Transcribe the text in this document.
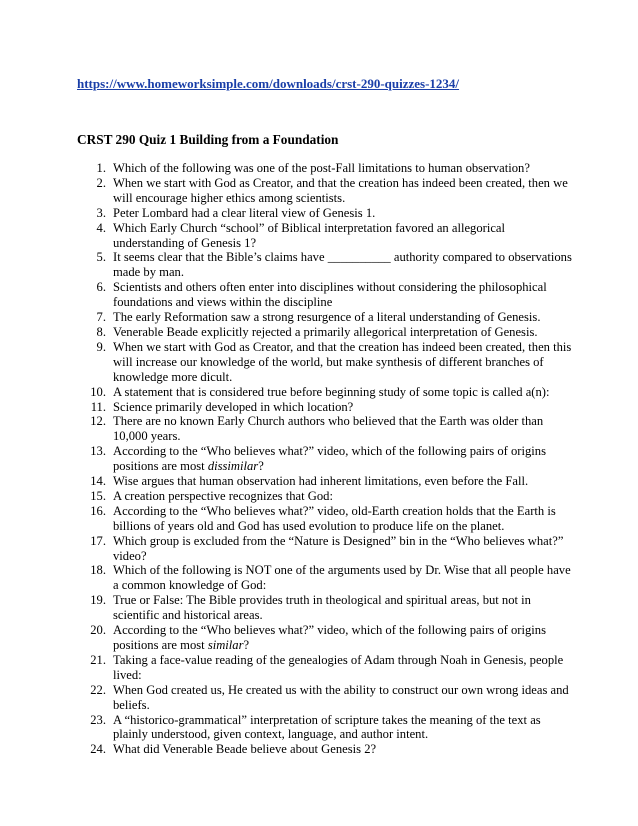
https://www.homeworksimple.com/downloads/crst-290-quizzes-1234/
CRST 290 Quiz 1 Building from a Foundation
1. Which of the following was one of the post-Fall limitations to human observation?
2. When we start with God as Creator, and that the creation has indeed been created, then we will encourage higher ethics among scientists.
3. Peter Lombard had a clear literal view of Genesis 1.
4. Which Early Church “school” of Biblical interpretation favored an allegorical understanding of Genesis 1?
5. It seems clear that the Bible’s claims have __________ authority compared to observations made by man.
6. Scientists and others often enter into disciplines without considering the philosophical foundations and views within the discipline
7. The early Reformation saw a strong resurgence of a literal understanding of Genesis.
8. Venerable Beade explicitly rejected a primarily allegorical interpretation of Genesis.
9. When we start with God as Creator, and that the creation has indeed been created, then this will increase our knowledge of the world, but make synthesis of different branches of knowledge more dicult.
10. A statement that is considered true before beginning study of some topic is called a(n):
11. Science primarily developed in which location?
12. There are no known Early Church authors who believed that the Earth was older than 10,000 years.
13. According to the “Who believes what?” video, which of the following pairs of origins positions are most dissimilar?
14. Wise argues that human observation had inherent limitations, even before the Fall.
15. A creation perspective recognizes that God:
16. According to the “Who believes what?” video, old-Earth creation holds that the Earth is billions of years old and God has used evolution to produce life on the planet.
17. Which group is excluded from the “Nature is Designed” bin in the “Who believes what?” video?
18. Which of the following is NOT one of the arguments used by Dr. Wise that all people have a common knowledge of God:
19. True or False: The Bible provides truth in theological and spiritual areas, but not in scientific and historical areas.
20. According to the “Who believes what?” video, which of the following pairs of origins positions are most similar?
21. Taking a face-value reading of the genealogies of Adam through Noah in Genesis, people lived:
22. When God created us, He created us with the ability to construct our own wrong ideas and beliefs.
23. A “historico-grammatical” interpretation of scripture takes the meaning of the text as plainly understood, given context, language, and author intent.
24. What did Venerable Beade believe about Genesis 2?
